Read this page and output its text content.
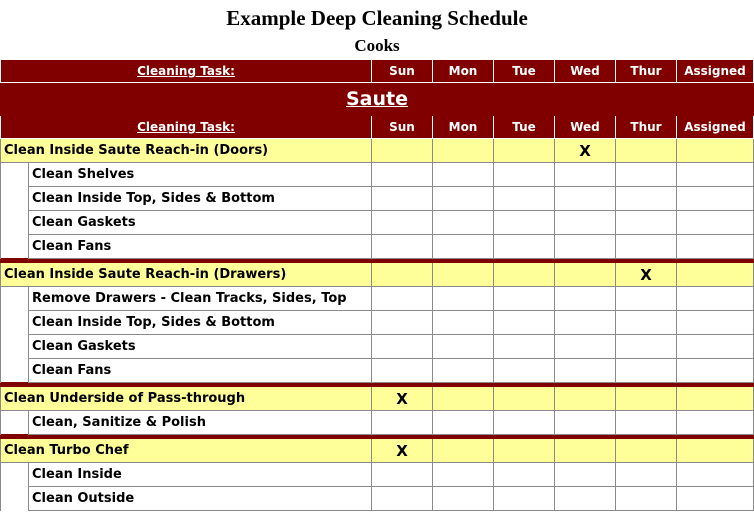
Example Deep Cleaning Schedule
Cooks
Cleaning Task:		Sun	Mon	Tue	Wed	Thur	Assigned
Saute							
Cleaning Task:		Sun	Mon	Tue	Wed	Thur	Assigned
Clean Inside Saute Reach-in (Doors)					X		
	Clean Shelves						
	Clean Inside Top, Sides & Bottom						
	Clean Gaskets						
	Clean Fans						

Clean Inside Saute Reach-in (Drawers)						X	
	Remove Drawers - Clean Tracks, Sides, Top						
	Clean Inside Top, Sides & Bottom						
	Clean Gaskets						
	Clean Fans						

Clean Underside of Pass-through		X					
	Clean, Sanitize & Polish						

Clean Turbo Chef		X					
	Clean Inside						
	Clean Outside						
